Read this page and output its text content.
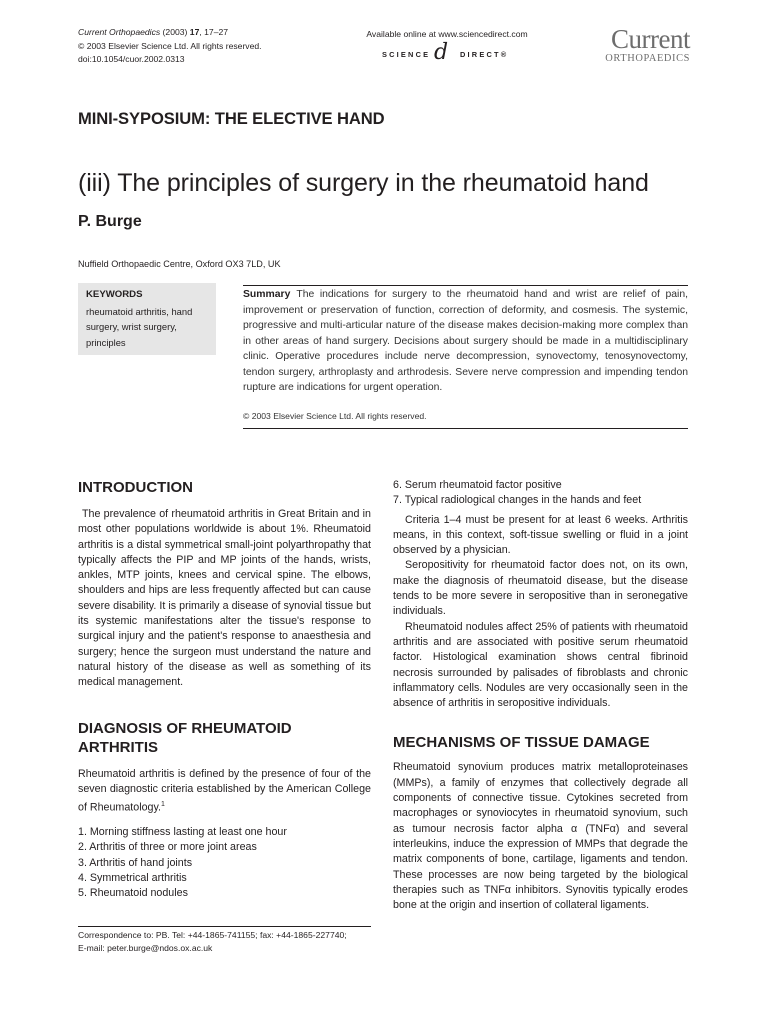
Current Orthopaedics (2003) 17, 17–27
© 2003 Elsevier Science Ltd. All rights reserved.
doi:10.1054/cuor.2002.0313
Available online at www.sciencedirect.com
SCIENCE d DIRECT®
Current
ORTHOPAEDICS
MINI-SYPOSIUM: THE ELECTIVE HAND
(iii) The principles of surgery in the rheumatoid hand
P. Burge
Nuffield Orthopaedic Centre, Oxford OX3 7LD, UK
KEYWORDS
rheumatoid arthritis, hand surgery, wrist surgery, principles
Summary The indications for surgery to the rheumatoid hand and wrist are relief of pain, improvement or preservation of function, correction of deformity, and cosmesis. The systemic, progressive and multi-articular nature of the disease makes decision-making more complex than in other areas of hand surgery. Decisions about surgery should be made in a multidisciplinary clinic. Operative procedures include nerve decompression, synovectomy, tenosynovectomy, tendon surgery, arthroplasty and arthrodesis. Severe nerve compression and impending tendon rupture are indications for urgent operation.
© 2003 Elsevier Science Ltd. All rights reserved.
INTRODUCTION

The prevalence of rheumatoid arthritis in Great Britain and in most other populations worldwide is about 1%. Rheumatoid arthritis is a distal symmetrical small-joint polyarthropathy that typically affects the PIP and MP joints of the hands, wrists, ankles, MTP joints, knees and cervical spine. The elbows, shoulders and hips are less frequently affected but can cause severe disability. It is primarily a disease of synovial tissue but its systemic manifestations alter the tissue's response to surgical injury and the patient's response to anaesthesia and surgery; hence the surgeon must understand the nature and natural history of the disease as well as something of its medical management.

DIAGNOSIS OF RHEUMATOID ARTHRITIS

Rheumatoid arthritis is defined by the presence of four of the seven diagnostic criteria established by the American College of Rheumatology.$^1$

1. Morning stiffness lasting at least one hour
2. Arthritis of three or more joint areas
3. Arthritis of hand joints
4. Symmetrical arthritis
5. Rheumatoid nodules
Correspondence to: PB. Tel: +44-1865-741155; fax: +44-1865-227740;
E-mail: peter.burge@ndos.ox.ac.uk
6. Serum rheumatoid factor positive
7. Typical radiological changes in the hands and feet

Criteria 1–4 must be present for at least 6 weeks. Arthritis means, in this context, soft-tissue swelling or fluid in a joint observed by a physician.

Seropositivity for rheumatoid factor does not, on its own, make the diagnosis of rheumatoid disease, but the disease tends to be more severe in seropositive than in seronegative individuals.

Rheumatoid nodules affect 25% of patients with rheumatoid arthritis and are associated with positive serum rheumatoid factor. Histological examination shows central fibrinoid necrosis surrounded by palisades of fibroblasts and chronic inflammatory cells. Nodules are very occasionally seen in the absence of arthritis in seropositive individuals.

MECHANISMS OF TISSUE DAMAGE

Rheumatoid synovium produces matrix metalloproteinases (MMPs), a family of enzymes that collectively degrade all components of connective tissue. Cytokines secreted from macrophages or synoviocytes in rheumatoid synovium, such as tumour necrosis factor alpha α (TNFα) and several interleukins, induce the expression of MMPs that degrade the matrix components of bone, cartilage, ligaments and tendon. These processes are now being targeted by the biological therapies such as TNFα inhibitors. Synovitis typically erodes bone at the origin and insertion of collateral ligaments.
